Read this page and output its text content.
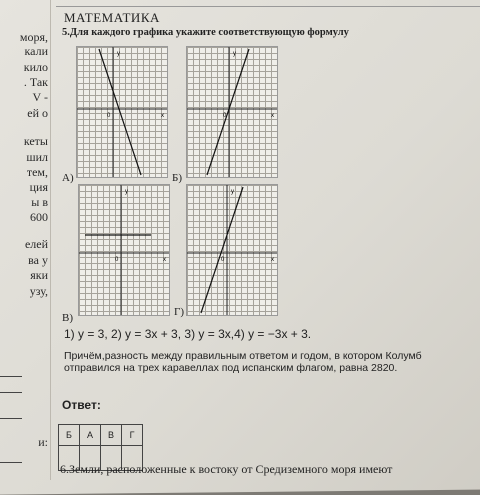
моря,
кали
кило
. Так
V -
ей о
кеты
шил
тем,
ция
ы в
600
елей
ва у
яки
узу,
и:
МАТЕМАТИКА
5.Для каждого графика укажите соответствующую формулу
y
x
0
А)
y
x
0
Б)
y
x
0
В)
y
x
0
Г)
1) y = 3, 2) y = 3x + 3, 3) y = 3x,4) y = −3x + 3.
Причём,разность между правильным ответом и годом, в котором Колумб отправился на трех каравеллах под испанским флагом, равна 2820.
Ответ:
Б	А	В	Г

6.Земли, расположенные к востоку от Средиземного моря имеют
